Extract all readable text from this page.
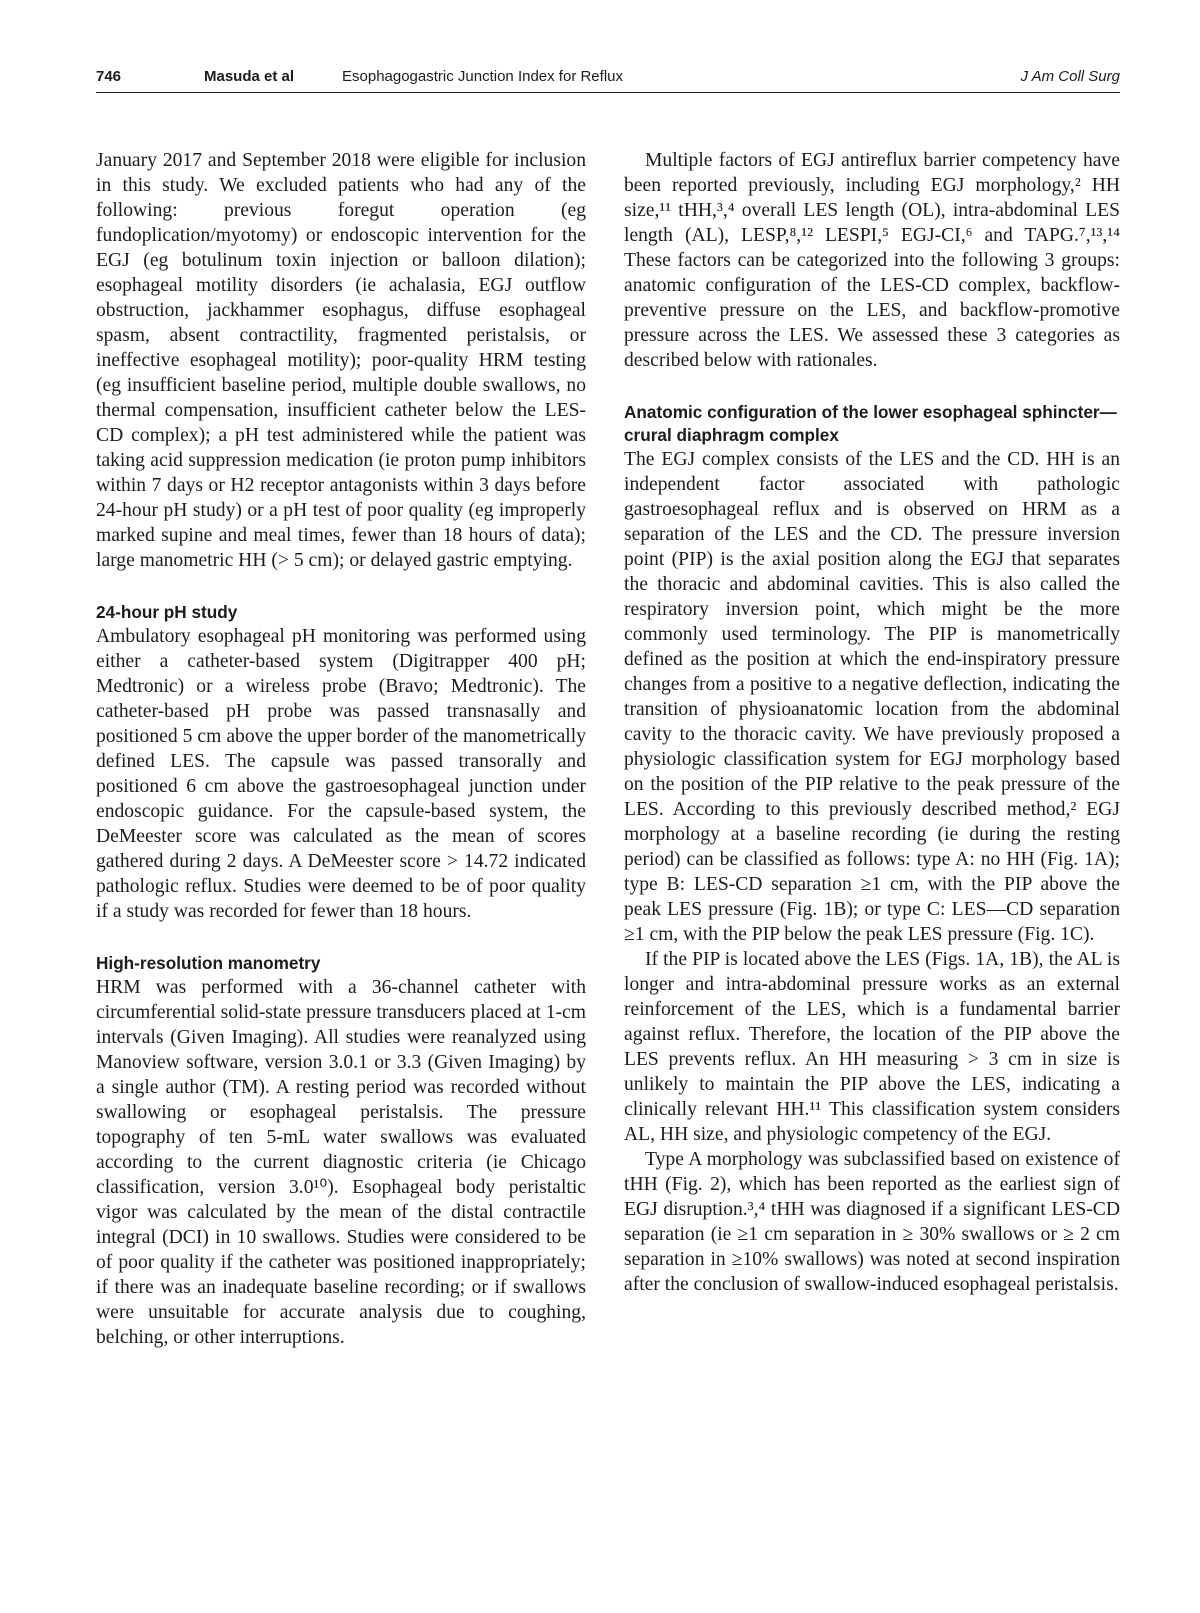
746	Masuda et al	Esophagogastric Junction Index for Reflux	J Am Coll Surg

January 2017 and September 2018 were eligible for inclusion in this study. We excluded patients who had any of the following: previous foregut operation (eg fundoplication/myotomy) or endoscopic intervention for the EGJ (eg botulinum toxin injection or balloon dilation); esophageal motility disorders (ie achalasia, EGJ outflow obstruction, jackhammer esophagus, diffuse esophageal spasm, absent contractility, fragmented peristalsis, or ineffective esophageal motility); poor-quality HRM testing (eg insufficient baseline period, multiple double swallows, no thermal compensation, insufficient catheter below the LES-CD complex); a pH test administered while the patient was taking acid suppression medication (ie proton pump inhibitors within 7 days or H2 receptor antagonists within 3 days before 24-hour pH study) or a pH test of poor quality (eg improperly marked supine and meal times, fewer than 18 hours of data); large manometric HH (> 5 cm); or delayed gastric emptying.

24-hour pH study

Ambulatory esophageal pH monitoring was performed using either a catheter-based system (Digitrapper 400 pH; Medtronic) or a wireless probe (Bravo; Medtronic). The catheter-based pH probe was passed transnasally and positioned 5 cm above the upper border of the manometrically defined LES. The capsule was passed transorally and positioned 6 cm above the gastroesophageal junction under endoscopic guidance. For the capsule-based system, the DeMeester score was calculated as the mean of scores gathered during 2 days. A DeMeester score > 14.72 indicated pathologic reflux. Studies were deemed to be of poor quality if a study was recorded for fewer than 18 hours.

High-resolution manometry

HRM was performed with a 36-channel catheter with circumferential solid-state pressure transducers placed at 1-cm intervals (Given Imaging). All studies were reanalyzed using Manoview software, version 3.0.1 or 3.3 (Given Imaging) by a single author (TM). A resting period was recorded without swallowing or esophageal peristalsis. The pressure topography of ten 5-mL water swallows was evaluated according to the current diagnostic criteria (ie Chicago classification, version 3.0¹⁰). Esophageal body peristaltic vigor was calculated by the mean of the distal contractile integral (DCI) in 10 swallows. Studies were considered to be of poor quality if the catheter was positioned inappropriately; if there was an inadequate baseline recording; or if swallows were unsuitable for accurate analysis due to coughing, belching, or other interruptions.

Multiple factors of EGJ antireflux barrier competency have been reported previously, including EGJ morphology,² HH size,¹¹ tHH,³,⁴ overall LES length (OL), intra-abdominal LES length (AL), LESP,⁸,¹² LESPI,⁵ EGJ-CI,⁶ and TAPG.⁷,¹³,¹⁴ These factors can be categorized into the following 3 groups: anatomic configuration of the LES-CD complex, backflow-preventive pressure on the LES, and backflow-promotive pressure across the LES. We assessed these 3 categories as described below with rationales.

Anatomic configuration of the lower esophageal sphincter—crural diaphragm complex

The EGJ complex consists of the LES and the CD. HH is an independent factor associated with pathologic gastroesophageal reflux and is observed on HRM as a separation of the LES and the CD. The pressure inversion point (PIP) is the axial position along the EGJ that separates the thoracic and abdominal cavities. This is also called the respiratory inversion point, which might be the more commonly used terminology. The PIP is manometrically defined as the position at which the end-inspiratory pressure changes from a positive to a negative deflection, indicating the transition of physioanatomic location from the abdominal cavity to the thoracic cavity. We have previously proposed a physiologic classification system for EGJ morphology based on the position of the PIP relative to the peak pressure of the LES. According to this previously described method,² EGJ morphology at a baseline recording (ie during the resting period) can be classified as follows: type A: no HH (Fig. 1A); type B: LES-CD separation ≥1 cm, with the PIP above the peak LES pressure (Fig. 1B); or type C: LES—CD separation ≥1 cm, with the PIP below the peak LES pressure (Fig. 1C).

If the PIP is located above the LES (Figs. 1A, 1B), the AL is longer and intra-abdominal pressure works as an external reinforcement of the LES, which is a fundamental barrier against reflux. Therefore, the location of the PIP above the LES prevents reflux. An HH measuring > 3 cm in size is unlikely to maintain the PIP above the LES, indicating a clinically relevant HH.¹¹ This classification system considers AL, HH size, and physiologic competency of the EGJ.

Type A morphology was subclassified based on existence of tHH (Fig. 2), which has been reported as the earliest sign of EGJ disruption.³,⁴ tHH was diagnosed if a significant LES-CD separation (ie ≥1 cm separation in ≥ 30% swallows or ≥ 2 cm separation in ≥10% swallows) was noted at second inspiration after the conclusion of swallow-induced esophageal peristalsis.
